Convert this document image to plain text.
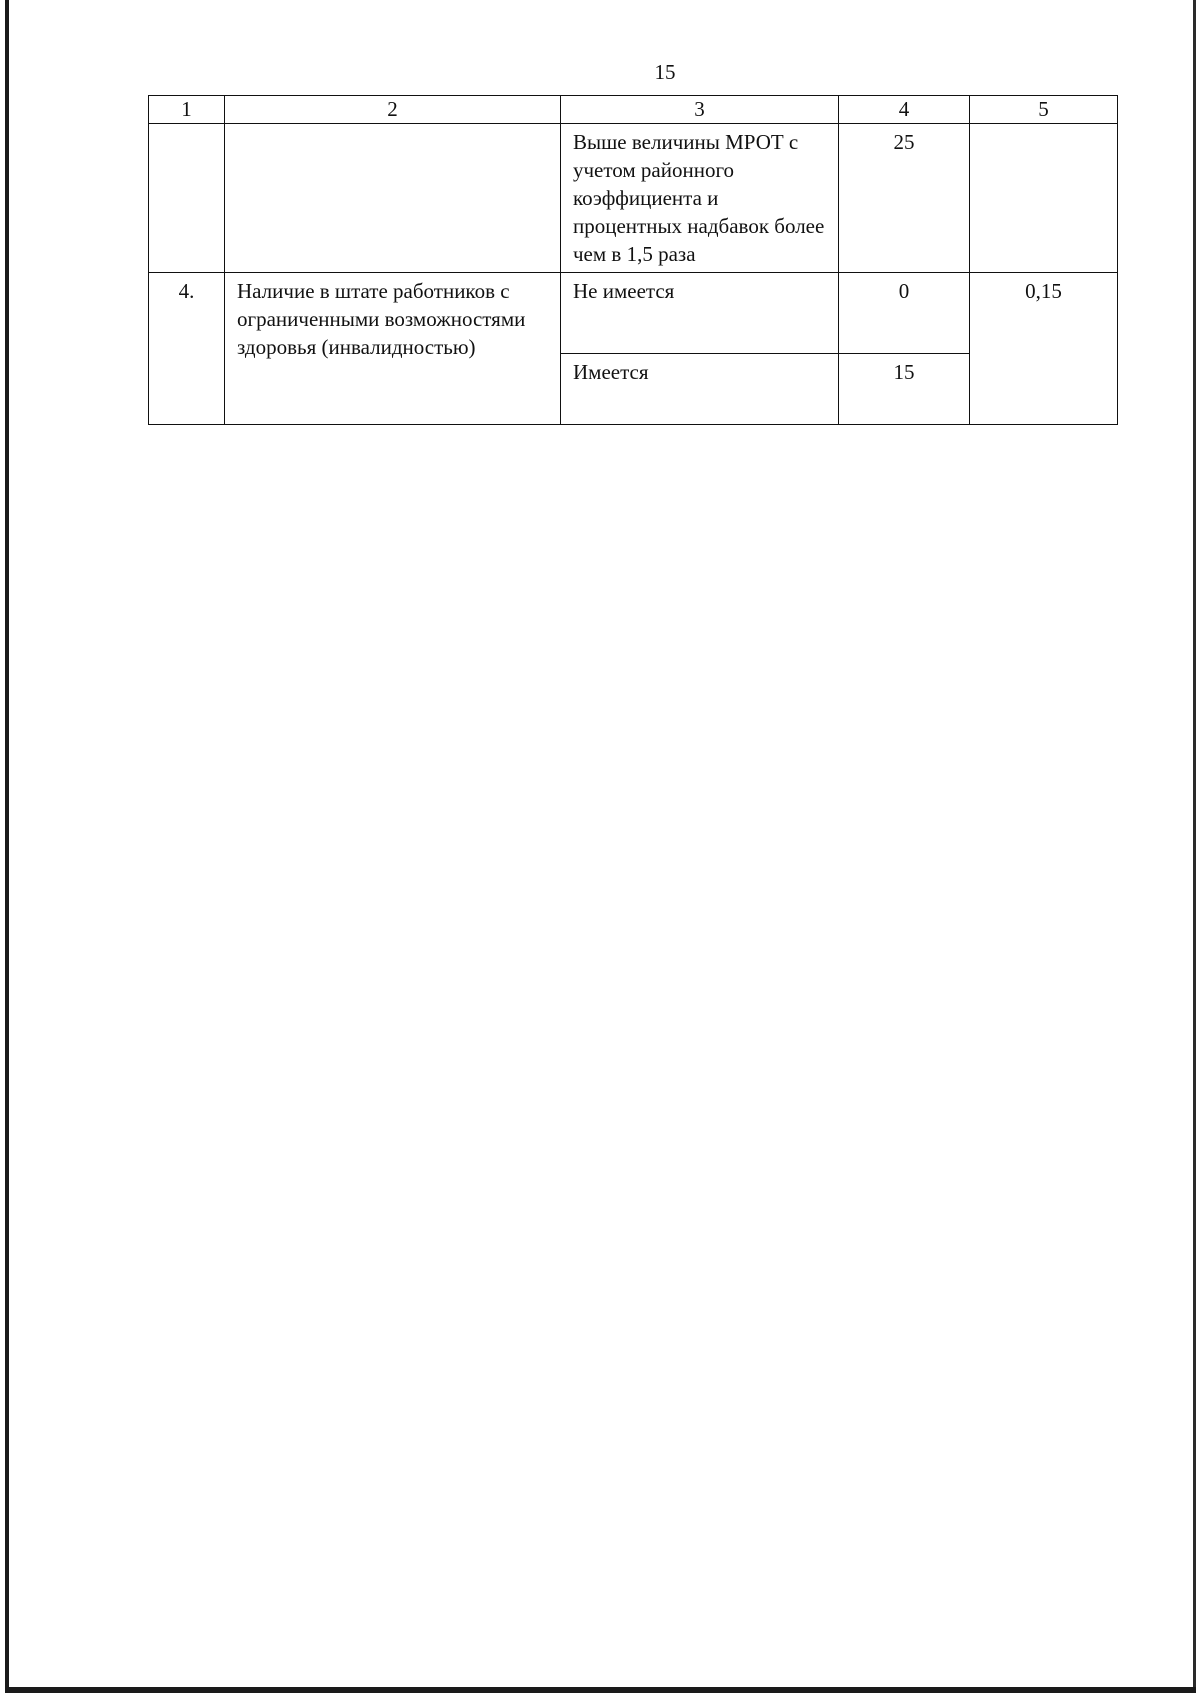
15
1	2	3	4	5
		Выше величины МРОТ с учетом районного коэффициента и процентных надбавок более чем в 1,5 раза	25	
4.	Наличие в штате работников с ограниченными возможностями здоровья (инвалидностью)	Не имеется	0	0,15
		Имеется	15	
